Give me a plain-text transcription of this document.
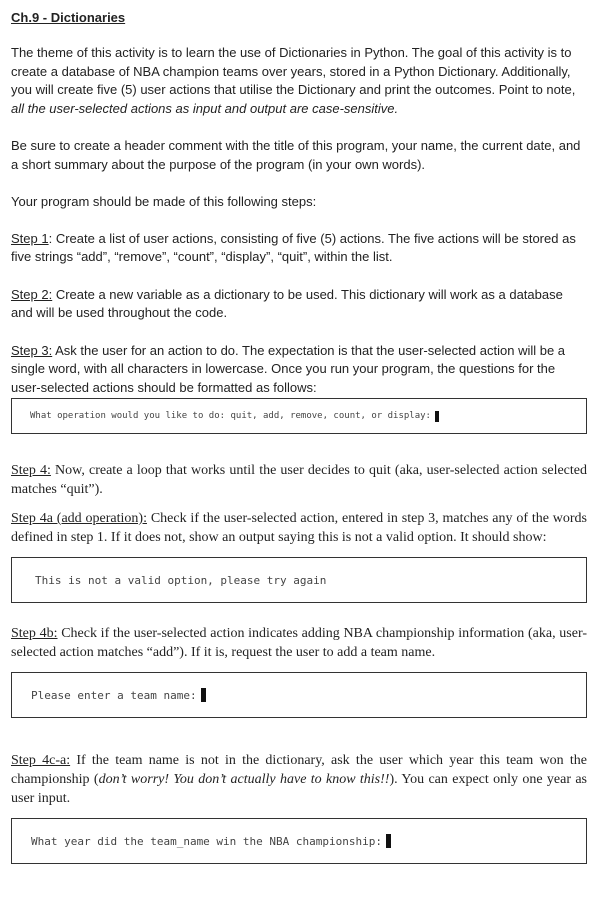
Ch.9 - Dictionaries

The theme of this activity is to learn the use of Dictionaries in Python. The goal of this activity is to create a database of NBA champion teams over years, stored in a Python Dictionary. Additionally, you will create five (5) user actions that utilise the Dictionary and print the outcomes. Point to note, all the user-selected actions as input and output are case-sensitive.

Be sure to create a header comment with the title of this program, your name, the current date, and a short summary about the purpose of the program (in your own words).

Your program should be made of this following steps:

Step 1: Create a list of user actions, consisting of five (5) actions. The five actions will be stored as five strings “add”, “remove”, “count”, “display”, “quit”, within the list.

Step 2: Create a new variable as a dictionary to be used. This dictionary will work as a database and will be used throughout the code.

Step 3: Ask the user for an action to do. The expectation is that the user-selected action will be a single word, with all characters in lowercase. Once you run your program, the questions for the user-selected actions should be formatted as follows:

What operation would you like to do: quit, add, remove, count, or display:

Step 4: Now, create a loop that works until the user decides to quit (aka, user-selected action selected matches “quit”).

Step 4a (add operation): Check if the user-selected action, entered in step 3, matches any of the words defined in step 1. If it does not, show an output saying this is not a valid option. It should show:

This is not a valid option, please try again

Step 4b: Check if the user-selected action indicates adding NBA championship information (aka, user-selected action matches “add”). If it is, request the user to add a team name.

Please enter a team name:

Step 4c-a: If the team name is not in the dictionary, ask the user which year this team won the championship (don’t worry! You don’t actually have to know this!!). You can expect only one year as user input.

What year did the team_name win the NBA championship:
